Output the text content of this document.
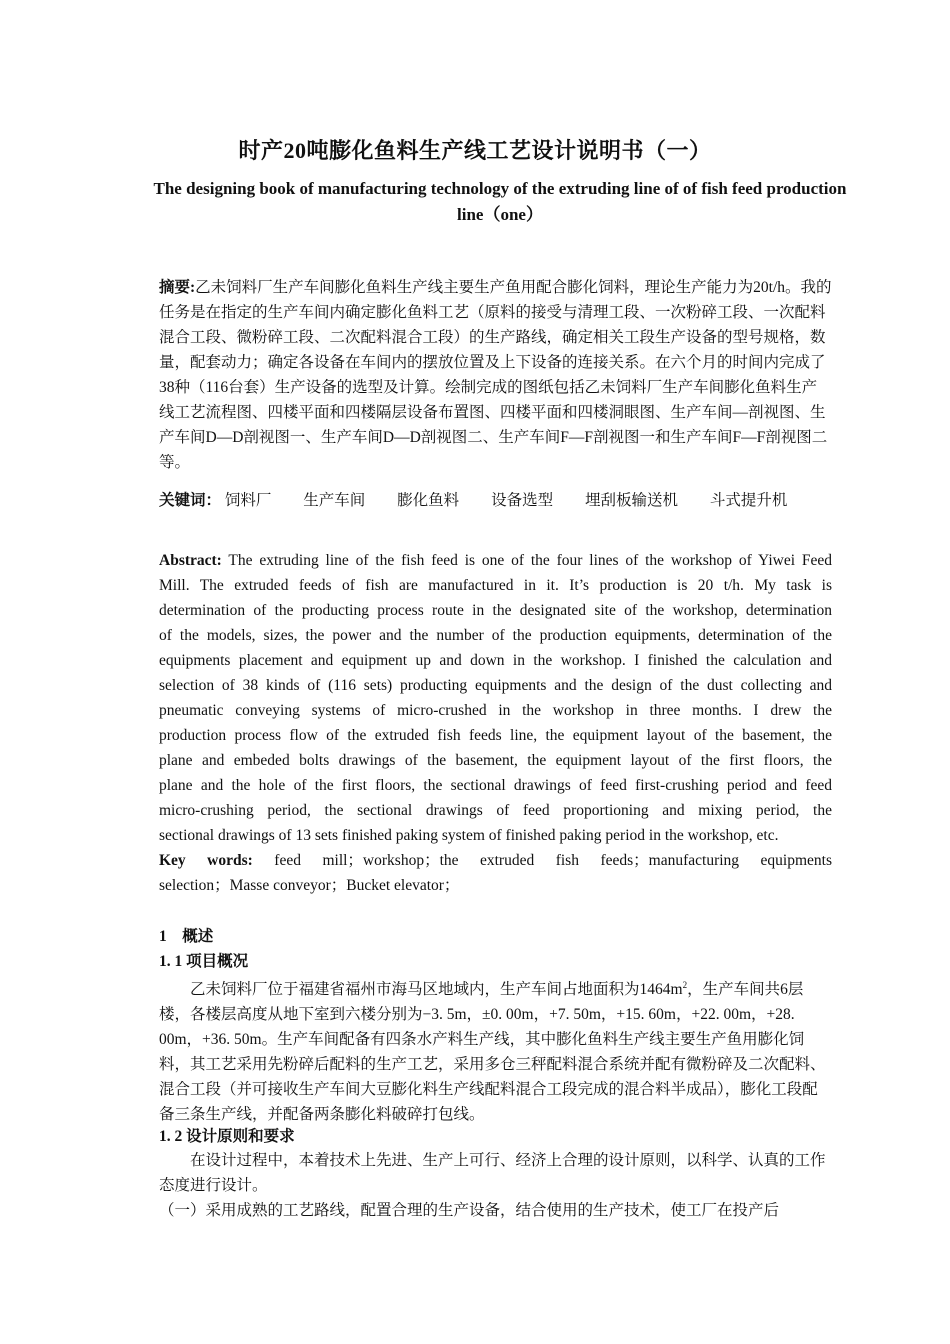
时产20吨膨化鱼料生产线工艺设计说明书（一）
The designing book of manufacturing technology of the extruding line of of fish feed production line（one）
摘要:乙未饲料厂生产车间膨化鱼料生产线主要生产鱼用配合膨化饲料，理论生产能力为20t/h。我的任务是在指定的生产车间内确定膨化鱼料工艺（原料的接受与清理工段、一次粉碎工段、一次配料混合工段、微粉碎工段、二次配料混合工段）的生产路线，确定相关工段生产设备的型号规格，数量，配套动力；确定各设备在车间内的摆放位置及上下设备的连接关系。在六个月的时间内完成了38种（116台套）生产设备的选型及计算。绘制完成的图纸包括乙未饲料厂生产车间膨化鱼料生产线工艺流程图、四楼平面和四楼隔层设备布置图、四楼平面和四楼洞眼图、生产车间—剖视图、生产车间D—D剖视图一、生产车间D—D剖视图二、生产车间F—F剖视图一和生产车间F—F剖视图二等。
关键词： 饲料厂 生产车间 膨化鱼料 设备选型 埋刮板输送机 斗式提升机
Abstract: The extruding line of the fish feed is one of the four lines of the workshop of Yiwei Feed
Mill. The extruded feeds of fish are manufactured in it. It’s production is 20 t/h. My task is
determination of the producting process route in the designated site of the workshop, determination
of the models, sizes, the power and the number of the production equipments, determination of the
equipments placement and equipment up and down in the workshop. I finished the calculation and
selection of 38 kinds of (116 sets) producting equipments and the design of the dust collecting and
pneumatic conveying systems of micro-crushed in the workshop in three months. I drew the
production process flow of the extruded fish feeds line, the equipment layout of the basement, the
plane and embeded bolts drawings of the basement, the equipment layout of the first floors, the
plane and the hole of the first floors, the sectional drawings of feed first-crushing period and feed
micro-crushing period, the sectional drawings of feed proportioning and mixing period, the
sectional drawings of 13 sets finished paking system of finished paking period in the workshop, etc.
Key words: feed mill；workshop；the extruded fish feeds；manufacturing equipments
selection；Masse conveyor；Bucket elevator；
1　概述
1. 1 项目概况
乙未饲料厂位于福建省福州市海马区地域内，生产车间占地面积为$1464m^2$，生产车间共6层楼，各楼层高度从地下室到六楼分别为−3. 5m，±0. 00m，+7. 50m，+15. 60m，+22. 00m，+28. 00m，+36. 50m。生产车间配备有四条水产料生产线，其中膨化鱼料生产线主要生产鱼用膨化饲料，其工艺采用先粉碎后配料的生产工艺，采用多仓三秤配料混合系统并配有微粉碎及二次配料、混合工段（并可接收生产车间大豆膨化料生产线配料混合工段完成的混合料半成品），膨化工段配备三条生产线，并配备两条膨化料破碎打包线。
1. 2 设计原则和要求
在设计过程中，本着技术上先进、生产上可行、经济上合理的设计原则，以科学、认真的工作态度进行设计。
（一）采用成熟的工艺路线，配置合理的生产设备，结合使用的生产技术，使工厂在投产后
